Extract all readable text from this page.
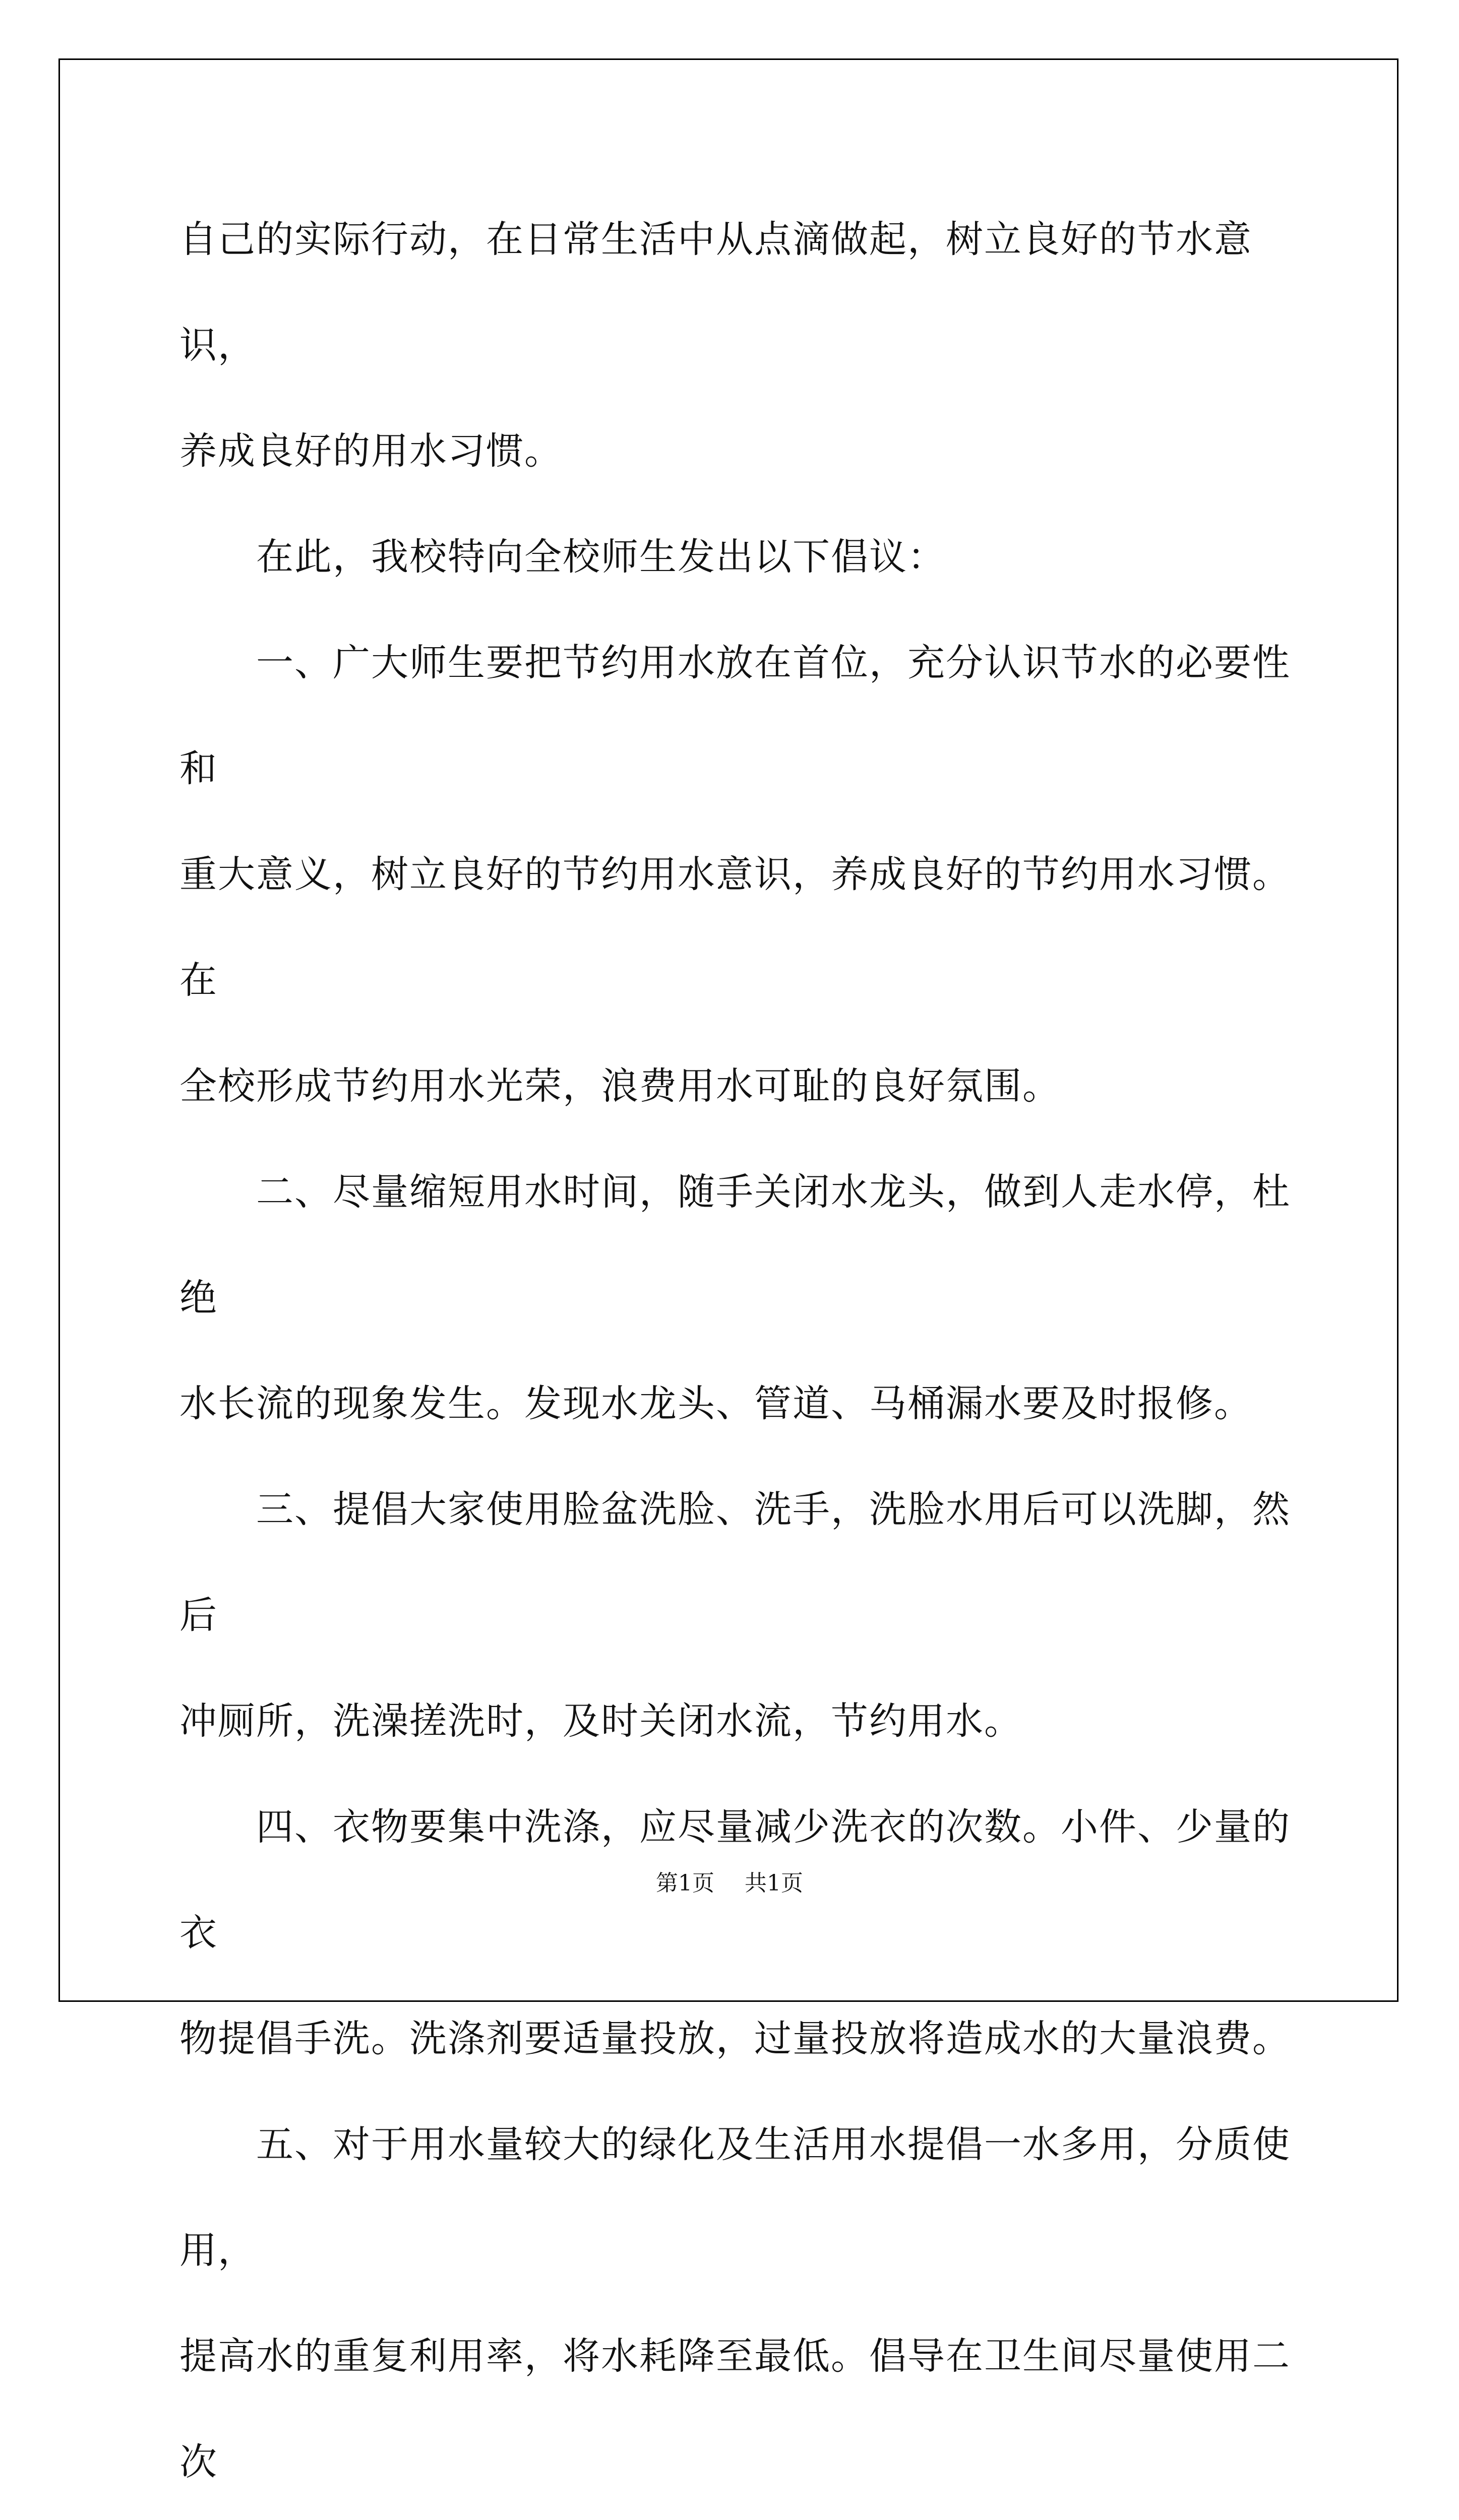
自己的实际行动，在日常生活中从点滴做起，树立良好的节水意识，

养成良好的用水习惯。

　　在此，我校特向全校师生发出以下倡议：

　　一、广大师生要把节约用水放在首位，充分认识节水的必要性和

重大意义，树立良好的节约用水意识，养成良好的节约用水习惯。在

全校形成节约用水光荣，浪费用水可耻的良好氛围。

　　二、尽量缩短用水时间，随手关闭水龙头，做到人走水停，杜绝

水长流的现象发生。发现水龙头、管道、马桶漏水要及时报修。

　　三、提倡大家使用脸盆洗脸、洗手，洗脸水用后可以洗脚，然后

冲厕所，洗澡搓洗时，及时关闭水流，节约用水。

　　四、衣物要集中洗涤，应尽量减少洗衣的次数。小件、少量的衣

物提倡手洗。洗涤剂要适量投放，过量投放将造成水的大量浪费。

　　五、对于用水量较大的绿化及生活用水提倡一水多用，分质使用，

提高水的重复利用率，将水耗降至最低。倡导在卫生间尽量使用二次

第1页 共1页
